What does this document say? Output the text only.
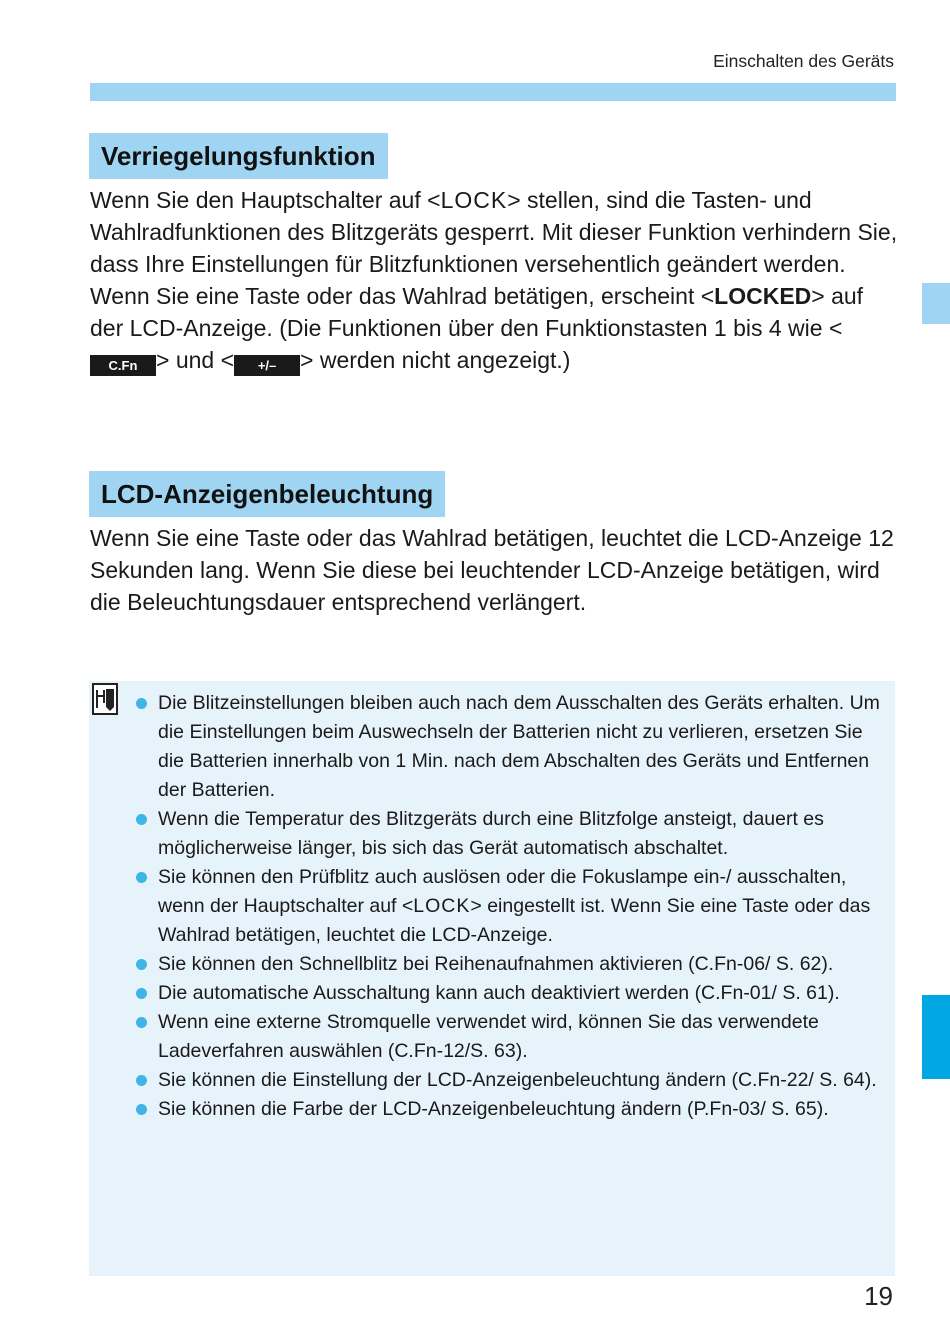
Einschalten des Geräts
Verriegelungsfunktion

Wenn Sie den Hauptschalter auf <LOCK> stellen, sind die Tasten- und Wahlradfunktionen des Blitzgeräts gesperrt. Mit dieser Funktion verhindern Sie, dass Ihre Einstellungen für Blitzfunktionen versehentlich geändert werden.

Wenn Sie eine Taste oder das Wahlrad betätigen, erscheint <LOCKED> auf der LCD-Anzeige. (Die Funktionen über den Funktionstasten 1 bis 4 wie <C.Fn > und < +/– > werden nicht angezeigt.)

LCD-Anzeigenbeleuchtung

Wenn Sie eine Taste oder das Wahlrad betätigen, leuchtet die LCD-Anzeige 12 Sekunden lang. Wenn Sie diese bei leuchtender LCD-Anzeige betätigen, wird die Beleuchtungsdauer entsprechend verlängert.

Die Blitzeinstellungen bleiben auch nach dem Ausschalten des Geräts erhalten. Um die Einstellungen beim Auswechseln der Batterien nicht zu verlieren, ersetzen Sie die Batterien innerhalb von 1 Min. nach dem Abschalten des Geräts und Entfernen der Batterien.
Wenn die Temperatur des Blitzgeräts durch eine Blitzfolge ansteigt, dauert es möglicherweise länger, bis sich das Gerät automatisch abschaltet.
Sie können den Prüfblitz auch auslösen oder die Fokuslampe ein-/ ausschalten, wenn der Hauptschalter auf <LOCK> eingestellt ist. Wenn Sie eine Taste oder das Wahlrad betätigen, leuchtet die LCD-Anzeige.
Sie können den Schnellblitz bei Reihenaufnahmen aktivieren (C.Fn-06/ S. 62).
Die automatische Ausschaltung kann auch deaktiviert werden (C.Fn-01/ S. 61).
Wenn eine externe Stromquelle verwendet wird, können Sie das verwendete Ladeverfahren auswählen (C.Fn-12/S. 63).
Sie können die Einstellung der LCD-Anzeigenbeleuchtung ändern (C.Fn-22/ S. 64).
Sie können die Farbe der LCD-Anzeigenbeleuchtung ändern (P.Fn-03/ S. 65).
19
